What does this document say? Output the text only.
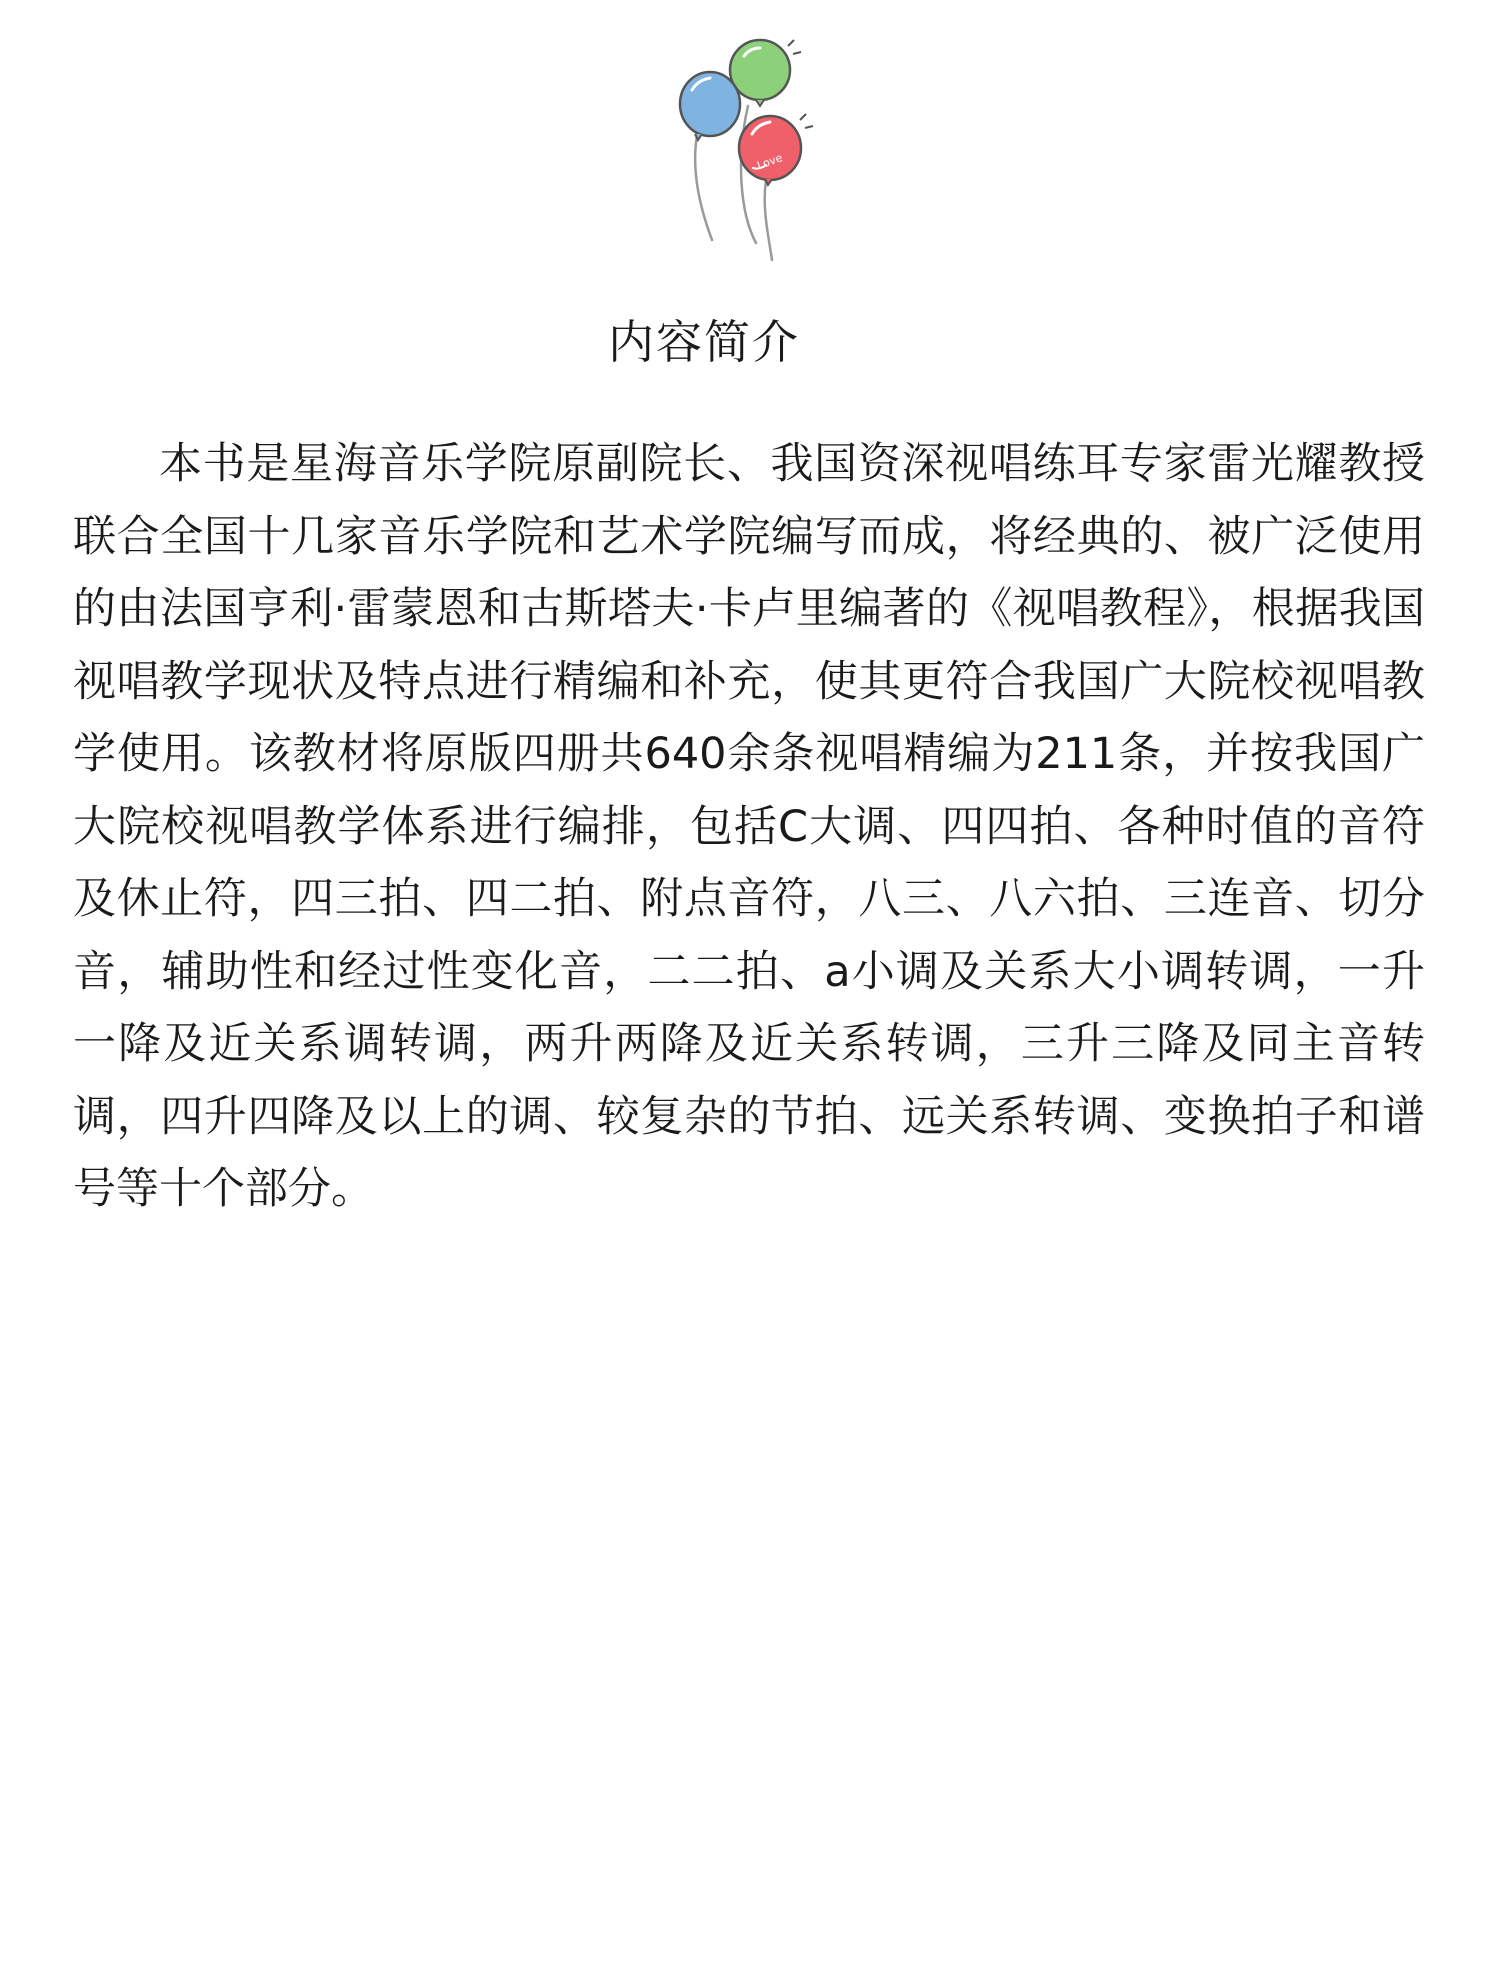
Love
内容简介

本书是星海音乐学院原副院长、我国资深视唱练耳专家雷光耀教授联合全国十几家音乐学院和艺术学院编写而成，将经典的、被广泛使用的由法国亨利·雷蒙恩和古斯塔夫·卡卢里编著的《视唱教程》，根据我国视唱教学现状及特点进行精编和补充，使其更符合我国广大院校视唱教学使用。该教材将原版四册共640余条视唱精编为211条，并按我国广大院校视唱教学体系进行编排，包括C大调、四四拍、各种时值的音符及休止符，四三拍、四二拍、附点音符，八三、八六拍、三连音、切分音，辅助性和经过性变化音，二二拍、a小调及关系大小调转调，一升一降及近关系调转调，两升两降及近关系转调，三升三降及同主音转调，四升四降及以上的调、较复杂的节拍、远关系转调、变换拍子和谱号等十个部分。
